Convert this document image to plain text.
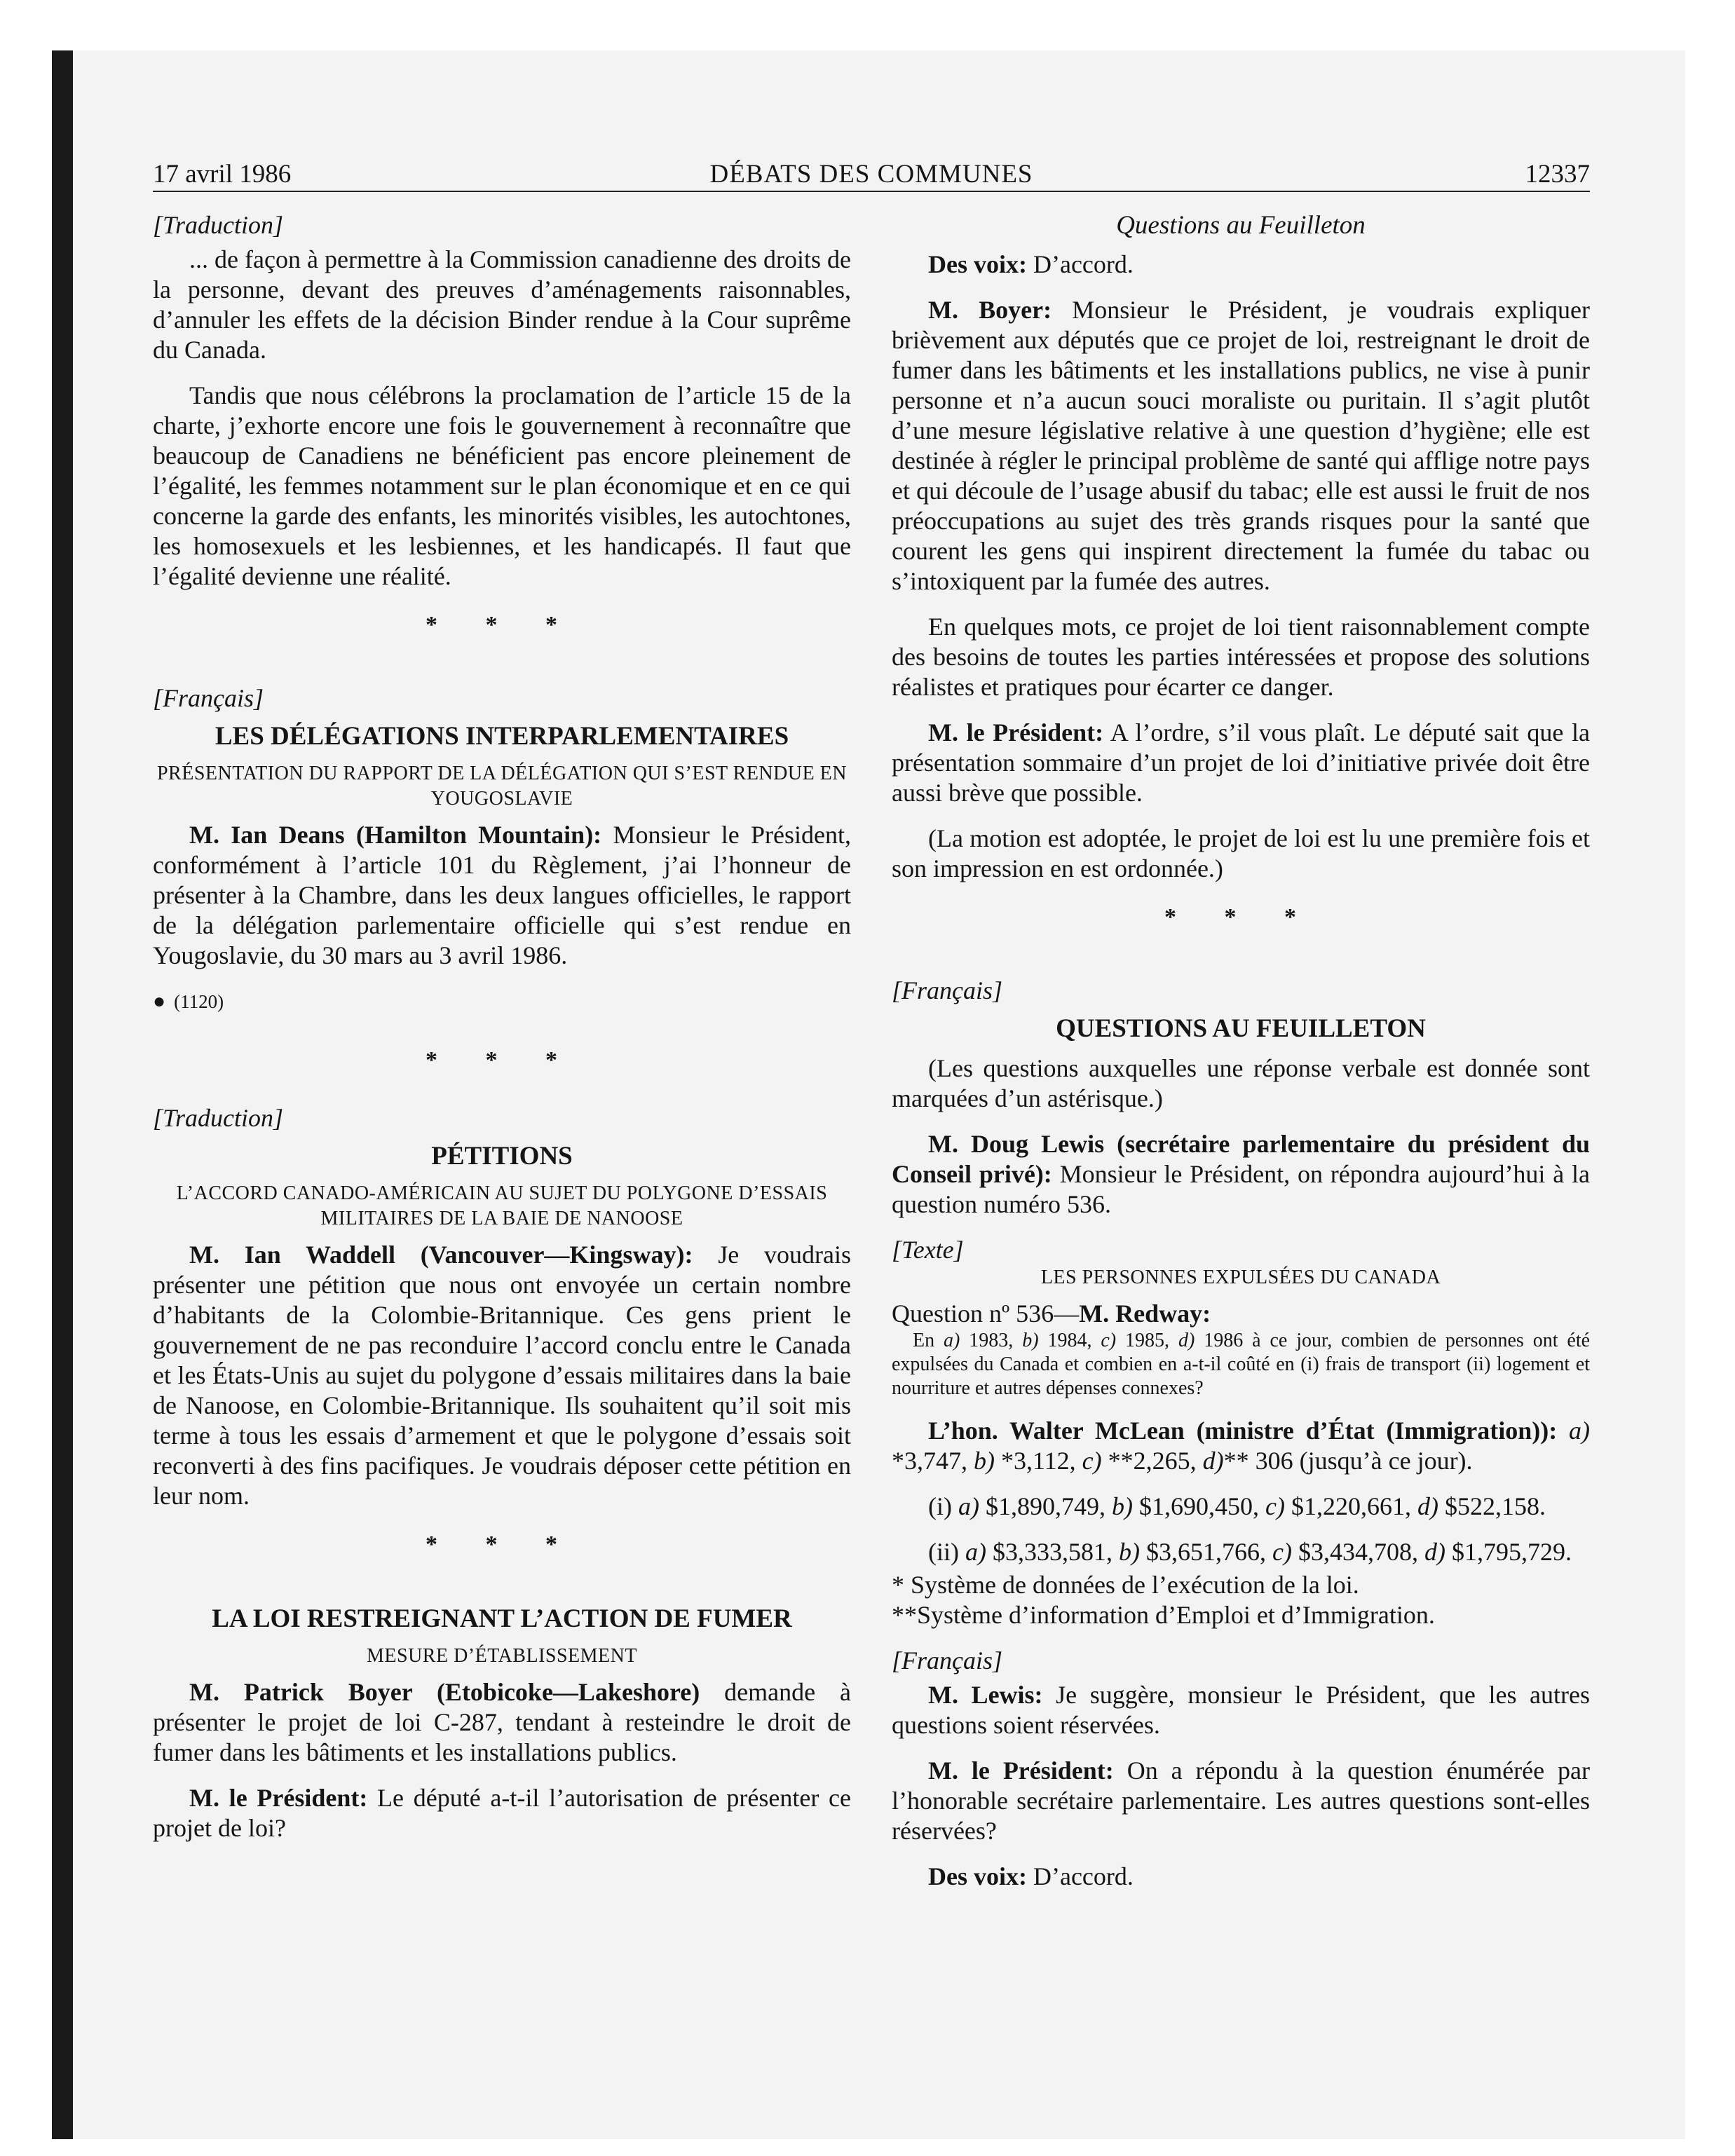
17 avril 1986	DÉBATS DES COMMUNES	12337

[Traduction]

... de façon à permettre à la Commission canadienne des droits de la personne, devant des preuves d’aménagements raisonnables, d’annuler les effets de la décision Binder rendue à la Cour suprême du Canada.

Tandis que nous célébrons la proclamation de l’article 15 de la charte, j’exhorte encore une fois le gouvernement à reconnaître que beaucoup de Canadiens ne bénéficient pas encore pleinement de l’égalité, les femmes notamment sur le plan économique et en ce qui concerne la garde des enfants, les minorités visibles, les autochtones, les homosexuels et les lesbiennes, et les handicapés. Il faut que l’égalité devienne une réalité.

* * *

[Français]

LES DÉLÉGATIONS INTERPARLEMENTAIRES

PRÉSENTATION DU RAPPORT DE LA DÉLÉGATION QUI S’EST RENDUE EN YOUGOSLAVIE

M. Ian Deans (Hamilton Mountain): Monsieur le Président, conformément à l’article 101 du Règlement, j’ai l’honneur de présenter à la Chambre, dans les deux langues officielles, le rapport de la délégation parlementaire officielle qui s’est rendue en Yougoslavie, du 30 mars au 3 avril 1986.

● (1120)

* * *

[Traduction]

PÉTITIONS

L’ACCORD CANADO-AMÉRICAIN AU SUJET DU POLYGONE D’ESSAIS MILITAIRES DE LA BAIE DE NANOOSE

M. Ian Waddell (Vancouver—Kingsway): Je voudrais présenter une pétition que nous ont envoyée un certain nombre d’habitants de la Colombie-Britannique. Ces gens prient le gouvernement de ne pas reconduire l’accord conclu entre le Canada et les États-Unis au sujet du polygone d’essais militaires dans la baie de Nanoose, en Colombie-Britannique. Ils souhaitent qu’il soit mis terme à tous les essais d’armement et que le polygone d’essais soit reconverti à des fins pacifiques. Je voudrais déposer cette pétition en leur nom.

* * *

LA LOI RESTREIGNANT L’ACTION DE FUMER

MESURE D’ÉTABLISSEMENT

M. Patrick Boyer (Etobicoke—Lakeshore) demande à présenter le projet de loi C-287, tendant à resteindre le droit de fumer dans les bâtiments et les installations publics.

M. le Président: Le député a-t-il l’autorisation de présenter ce projet de loi?

Questions au Feuilleton

Des voix: D’accord.

M. Boyer: Monsieur le Président, je voudrais expliquer brièvement aux députés que ce projet de loi, restreignant le droit de fumer dans les bâtiments et les installations publics, ne vise à punir personne et n’a aucun souci moraliste ou puritain. Il s’agit plutôt d’une mesure législative relative à une question d’hygiène; elle est destinée à régler le principal problème de santé qui afflige notre pays et qui découle de l’usage abusif du tabac; elle est aussi le fruit de nos préoccupations au sujet des très grands risques pour la santé que courent les gens qui inspirent directement la fumée du tabac ou s’intoxiquent par la fumée des autres.

En quelques mots, ce projet de loi tient raisonnablement compte des besoins de toutes les parties intéressées et propose des solutions réalistes et pratiques pour écarter ce danger.

M. le Président: A l’ordre, s’il vous plaît. Le député sait que la présentation sommaire d’un projet de loi d’initiative privée doit être aussi brève que possible.

(La motion est adoptée, le projet de loi est lu une première fois et son impression en est ordonnée.)

* * *

[Français]

QUESTIONS AU FEUILLETON

(Les questions auxquelles une réponse verbale est donnée sont marquées d’un astérisque.)

M. Doug Lewis (secrétaire parlementaire du président du Conseil privé): Monsieur le Président, on répondra aujourd’hui à la question numéro 536.

[Texte]

LES PERSONNES EXPULSÉES DU CANADA

Question nº 536—M. Redway:

En a) 1983, b) 1984, c) 1985, d) 1986 à ce jour, combien de personnes ont été expulsées du Canada et combien en a-t-il coûté en (i) frais de transport (ii) logement et nourriture et autres dépenses connexes?

L’hon. Walter McLean (ministre d’État (Immigration)): a) *3,747, b) *3,112, c) **2,265, d)** 306 (jusqu’à ce jour).

(i) a) $1,890,749, b) $1,690,450, c) $1,220,661, d) $522,158.

(ii) a) $3,333,581, b) $3,651,766, c) $3,434,708, d) $1,795,729.

* Système de données de l’exécution de la loi.

**Système d’information d’Emploi et d’Immigration.

[Français]

M. Lewis: Je suggère, monsieur le Président, que les autres questions soient réservées.

M. le Président: On a répondu à la question énumérée par l’honorable secrétaire parlementaire. Les autres questions sont-elles réservées?

Des voix: D’accord.
